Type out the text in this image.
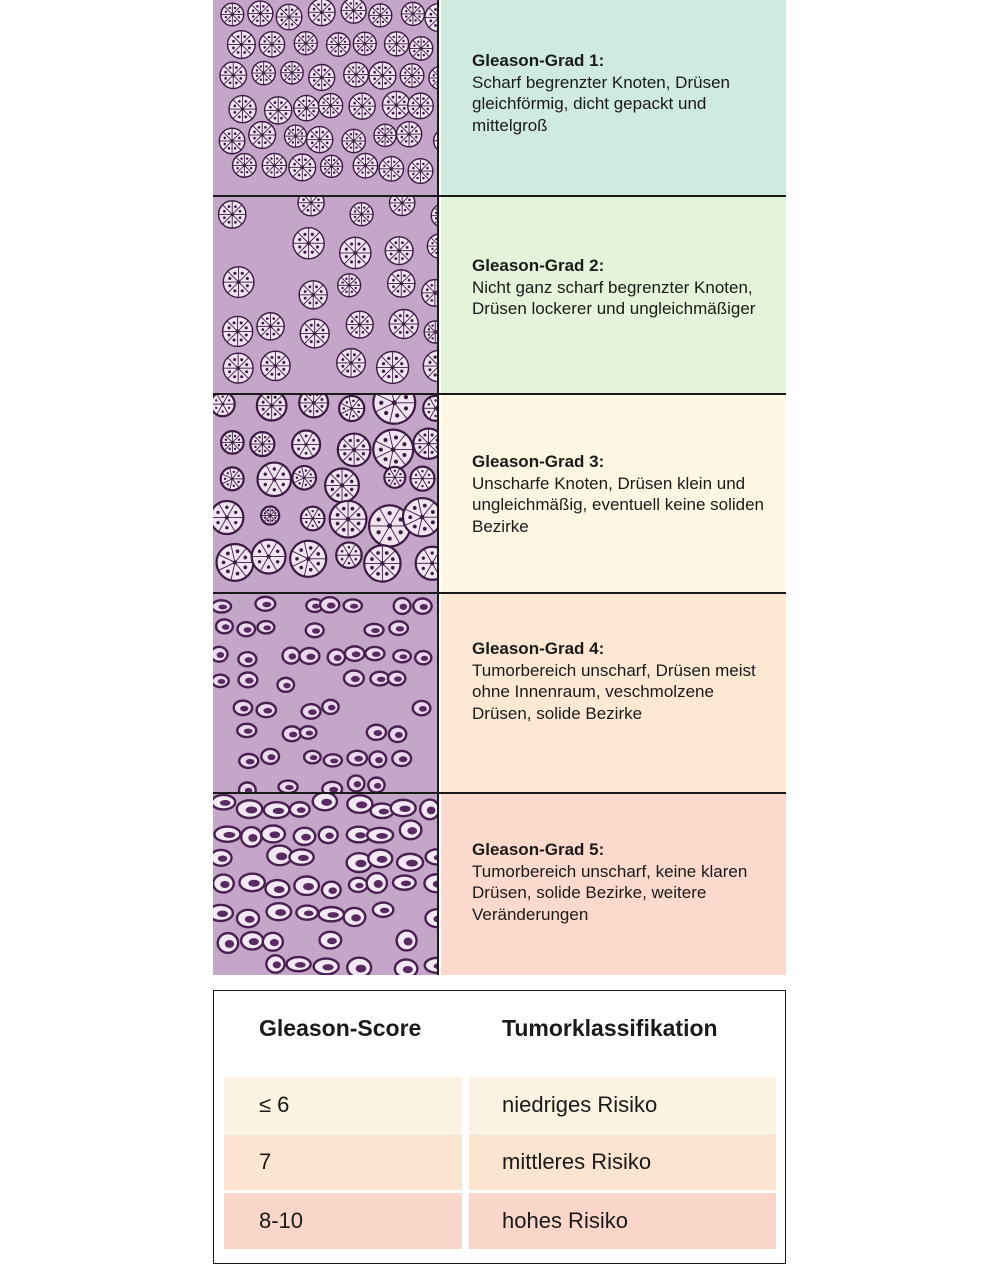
Gleason-Grad 1:
Scharf begrenzter Knoten, Drüsen gleichförmig, dicht gepackt und mittelgroß
Gleason-Grad 2:
Nicht ganz scharf begrenzter Knoten, Drüsen lockerer und ungleichmäßiger
Gleason-Grad 3:
Unscharfe Knoten, Drüsen klein und ungleichmäßig, eventuell keine soliden Bezirke
Gleason-Grad 4:
Tumorbereich unscharf, Drüsen meist ohne Innenraum, veschmolzene Drüsen, solide Bezirke
Gleason-Grad 5:
Tumorbereich unscharf, keine klaren Drüsen, solide Bezirke, weitere Veränderungen
Gleason-Score	Tumorklassifikation
≤ 6	niedriges Risiko
7	mittleres Risiko
8-10	hohes Risiko
